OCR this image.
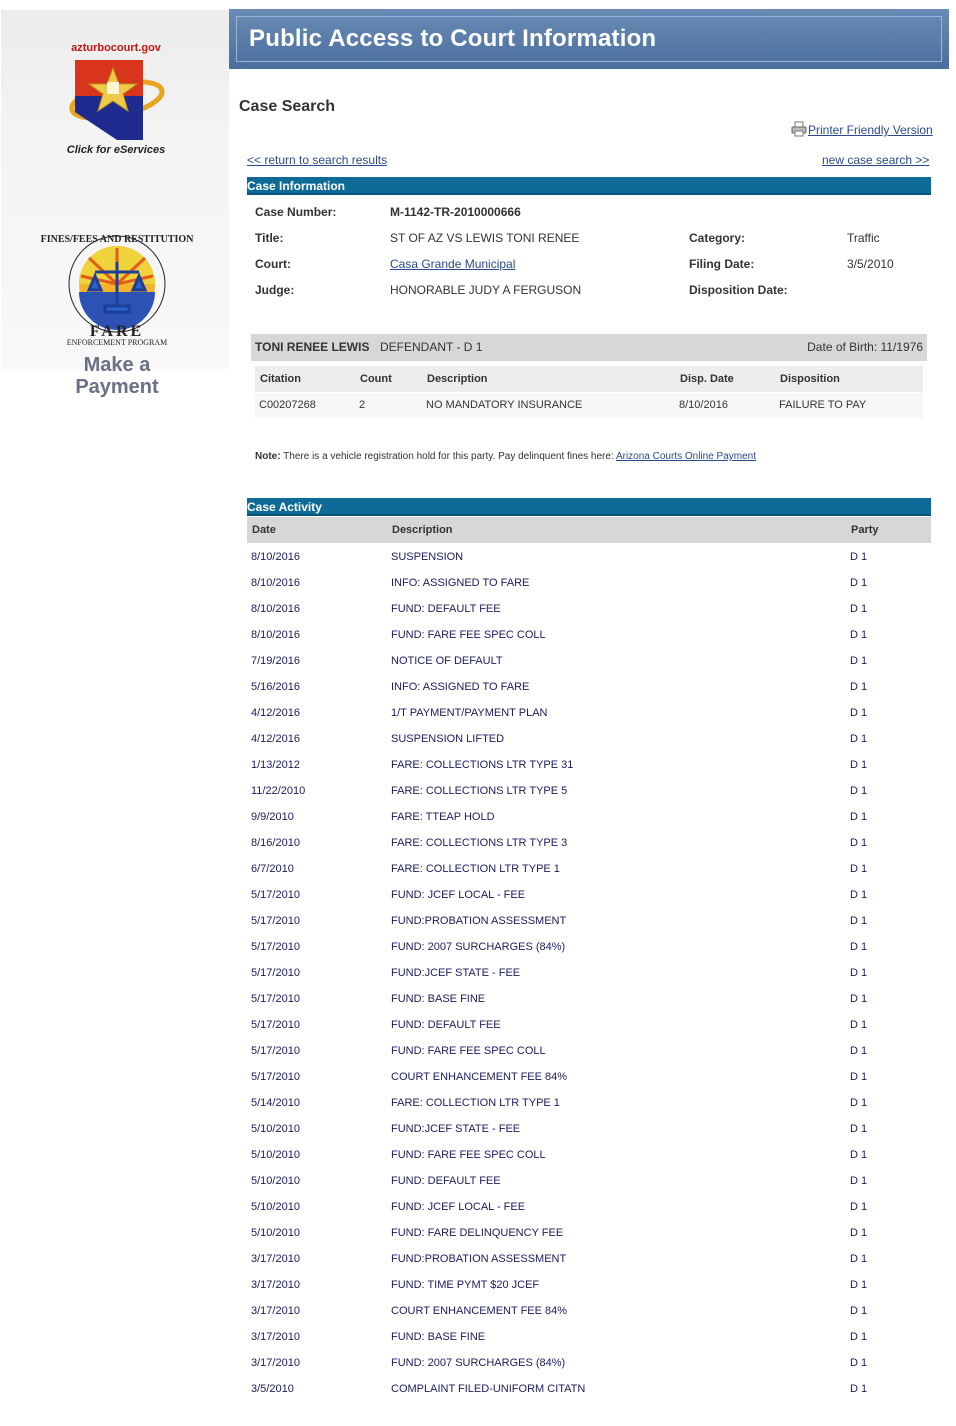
azturbocourt.gov
Click for eServices
FINES/FEES AND RESTITUTION
FARE
ENFORCEMENT PROGRAM
Make a
Payment
Public Access to Court Information
Case Search
Printer Friendly Version
<< return to search results	new case search >>
Case Information
Case Number:	M-1142-TR-2010000666
Title:	ST OF AZ VS LEWIS TONI RENEE	Category:	Traffic
Court:	Casa Grande Municipal	Filing Date:	3/5/2010
Judge:	HONORABLE JUDY A FERGUSON	Disposition Date:
TONI RENEE LEWIS DEFENDANT - D 1	Date of Birth: 11/1976
Citation	Count	Description	Disp. Date	Disposition
C00207268	2	NO MANDATORY INSURANCE	8/10/2016	FAILURE TO PAY
Note: There is a vehicle registration hold for this party. Pay delinquent fines here: Arizona Courts Online Payment
Case Activity
Date	Description	Party
8/10/2016	SUSPENSION	D 1
8/10/2016	INFO: ASSIGNED TO FARE	D 1
8/10/2016	FUND: DEFAULT FEE	D 1
8/10/2016	FUND: FARE FEE SPEC COLL	D 1
7/19/2016	NOTICE OF DEFAULT	D 1
5/16/2016	INFO: ASSIGNED TO FARE	D 1
4/12/2016	1/T PAYMENT/PAYMENT PLAN	D 1
4/12/2016	SUSPENSION LIFTED	D 1
1/13/2012	FARE: COLLECTIONS LTR TYPE 31	D 1
11/22/2010	FARE: COLLECTIONS LTR TYPE 5	D 1
9/9/2010	FARE: TTEAP HOLD	D 1
8/16/2010	FARE: COLLECTIONS LTR TYPE 3	D 1
6/7/2010	FARE: COLLECTION LTR TYPE 1	D 1
5/17/2010	FUND: JCEF LOCAL - FEE	D 1
5/17/2010	FUND:PROBATION ASSESSMENT	D 1
5/17/2010	FUND: 2007 SURCHARGES (84%)	D 1
5/17/2010	FUND:JCEF STATE - FEE	D 1
5/17/2010	FUND: BASE FINE	D 1
5/17/2010	FUND: DEFAULT FEE	D 1
5/17/2010	FUND: FARE FEE SPEC COLL	D 1
5/17/2010	COURT ENHANCEMENT FEE 84%	D 1
5/14/2010	FARE: COLLECTION LTR TYPE 1	D 1
5/10/2010	FUND:JCEF STATE - FEE	D 1
5/10/2010	FUND: FARE FEE SPEC COLL	D 1
5/10/2010	FUND: DEFAULT FEE	D 1
5/10/2010	FUND: JCEF LOCAL - FEE	D 1
5/10/2010	FUND: FARE DELINQUENCY FEE	D 1
3/17/2010	FUND:PROBATION ASSESSMENT	D 1
3/17/2010	FUND: TIME PYMT $20 JCEF	D 1
3/17/2010	COURT ENHANCEMENT FEE 84%	D 1
3/17/2010	FUND: BASE FINE	D 1
3/17/2010	FUND: 2007 SURCHARGES (84%)	D 1
3/5/2010	COMPLAINT FILED-UNIFORM CITATN	D 1
